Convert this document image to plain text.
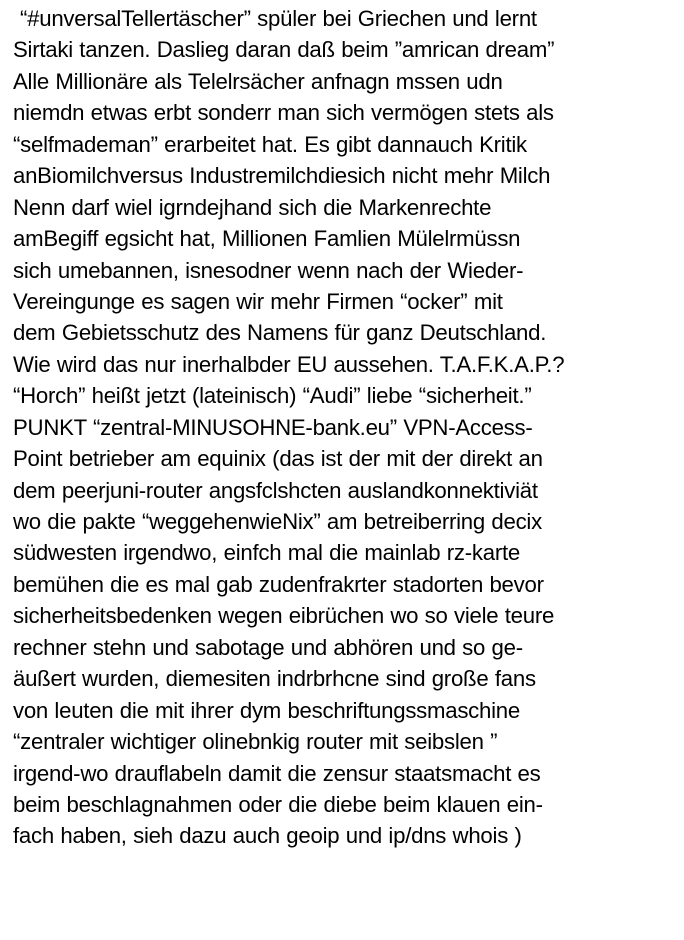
“#unversalTellertäscher” spüler bei Griechen und lernt
Sirtaki tanzen. Daslieg daran daß beim ”amrican dream”
Alle Millionäre als Telelrsächer anfnagn mssen udn
niemdn etwas erbt sonderr man sich vermögen stets als
“selfmademan” erarbeitet hat. Es gibt dannauch Kritik
anBiomilchversus Industremilchdiesich nicht mehr Milch
Nenn darf wiel igrndejhand sich die Markenrechte
amBegiff egsicht hat, Millionen Famlien Mülelrmüssn
sich umebannen, isnesodner wenn nach der Wieder-
Vereingunge es sagen wir mehr Firmen “ocker” mit
dem Gebietsschutz des Namens für ganz Deutschland.
Wie wird das nur inerhalbder EU aussehen. T.A.F.K.A.P.?
“Horch” heißt jetzt (lateinisch) “Audi” liebe “sicherheit.”
PUNKT “zentral-MINUSOHNE-bank.eu” VPN-Access-
Point betrieber am equinix (das ist der mit der direkt an
dem peerjuni-router angsfclshcten auslandkonnektiviät
wo die pakte “weggehenwieNix” am betreiberring decix
südwesten irgendwo, einfch mal die mainlab rz-karte
bemühen die es mal gab zudenfrakrter stadorten bevor
sicherheitsbedenken wegen eibrüchen wo so viele teure
rechner stehn und sabotage und abhören und so ge-
äußert wurden, diemesiten indrbrhcne sind große fans
von leuten die mit ihrer dym beschriftungssmaschine
“zentraler wichtiger olinebnkig router mit seibslen ”
irgend-wo drauflabeln damit die zensur staatsmacht es
beim beschlagnahmen oder die diebe beim klauen ein-
fach haben, sieh dazu auch geoip und ip/dns whois )
